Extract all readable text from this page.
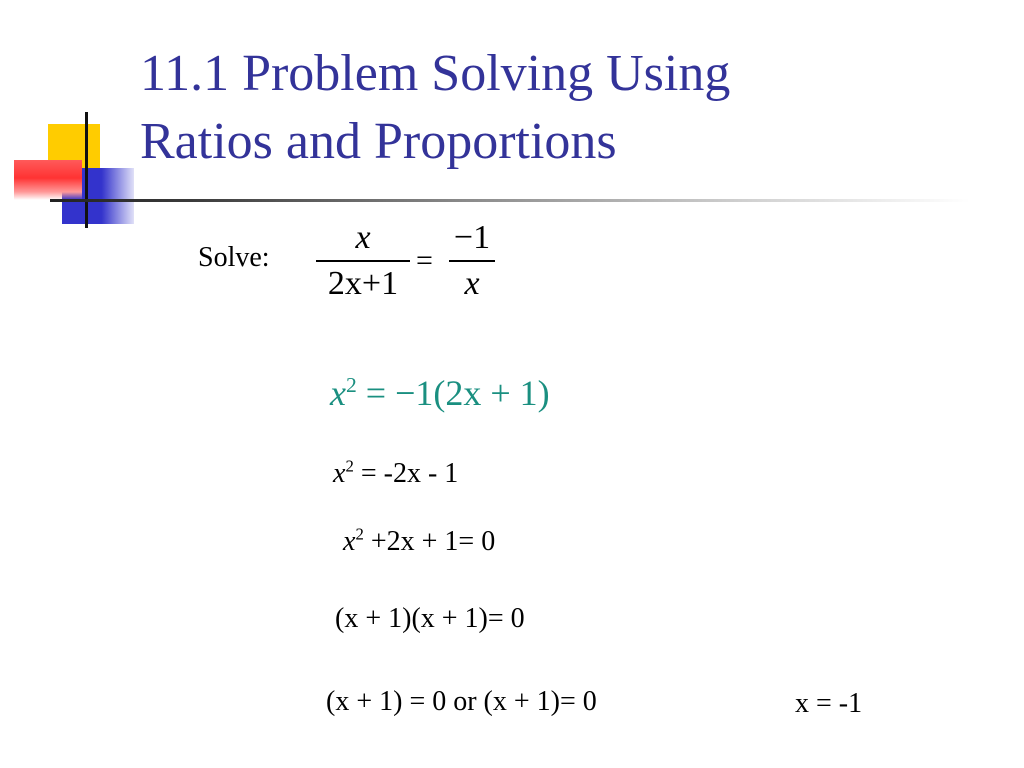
11.1 Problem Solving Using
Ratios and Proportions
Solve:
x
2x+1
=
−1
x
$x^2 = -1(2x + 1)$
$x^2 = -2x - 1$
$x^2 +2x + 1= 0$
(x + 1)(x + 1)= 0
(x + 1) = 0 or (x + 1)= 0	x = -1
